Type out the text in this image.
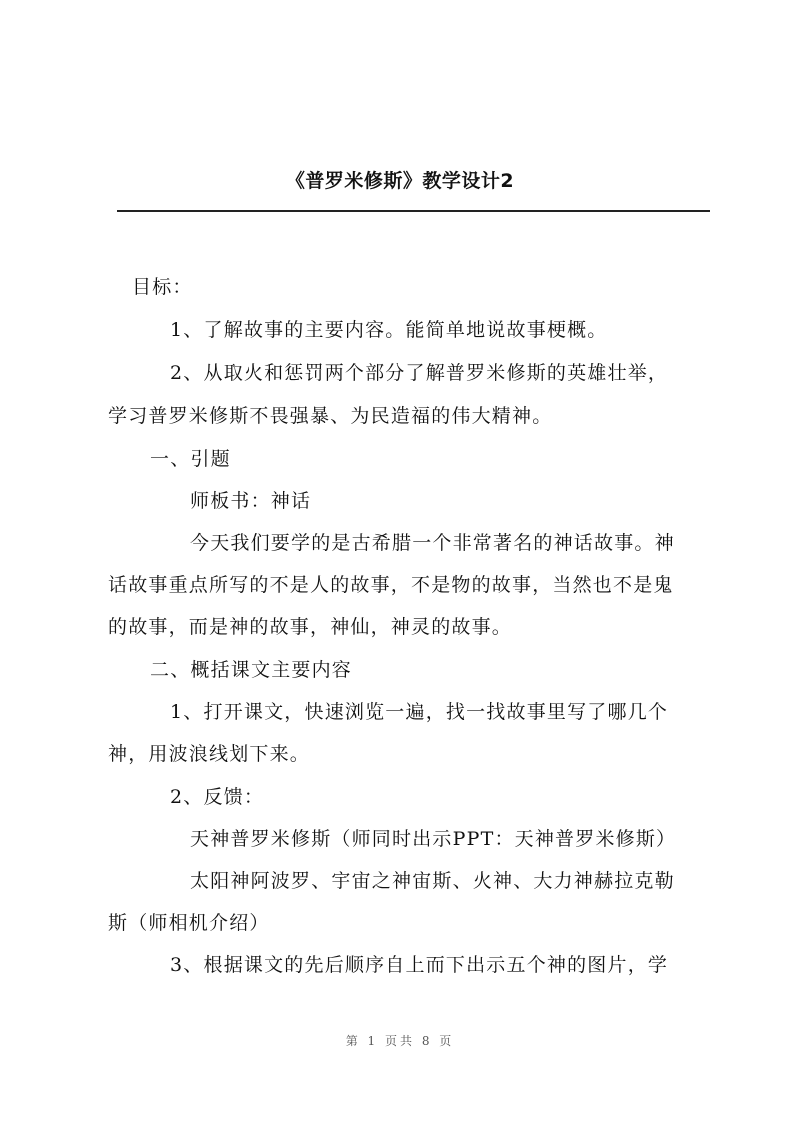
《普罗米修斯》教学设计2
目标：
1、了解故事的主要内容。能简单地说故事梗概。
2、从取火和惩罚两个部分了解普罗米修斯的英雄壮举，
学习普罗米修斯不畏强暴、为民造福的伟大精神。
一、引题
师板书：神话
今天我们要学的是古希腊一个非常著名的神话故事。神
话故事重点所写的不是人的故事，不是物的故事，当然也不是鬼
的故事，而是神的故事，神仙，神灵的故事。
二、概括课文主要内容
1、打开课文，快速浏览一遍，找一找故事里写了哪几个
神，用波浪线划下来。
2、反馈：
天神普罗米修斯（师同时出示PPT：天神普罗米修斯）
太阳神阿波罗、宇宙之神宙斯、火神、大力神赫拉克勒
斯（师相机介绍）
3、根据课文的先后顺序自上而下出示五个神的图片，学
第 1 页共 8 页
